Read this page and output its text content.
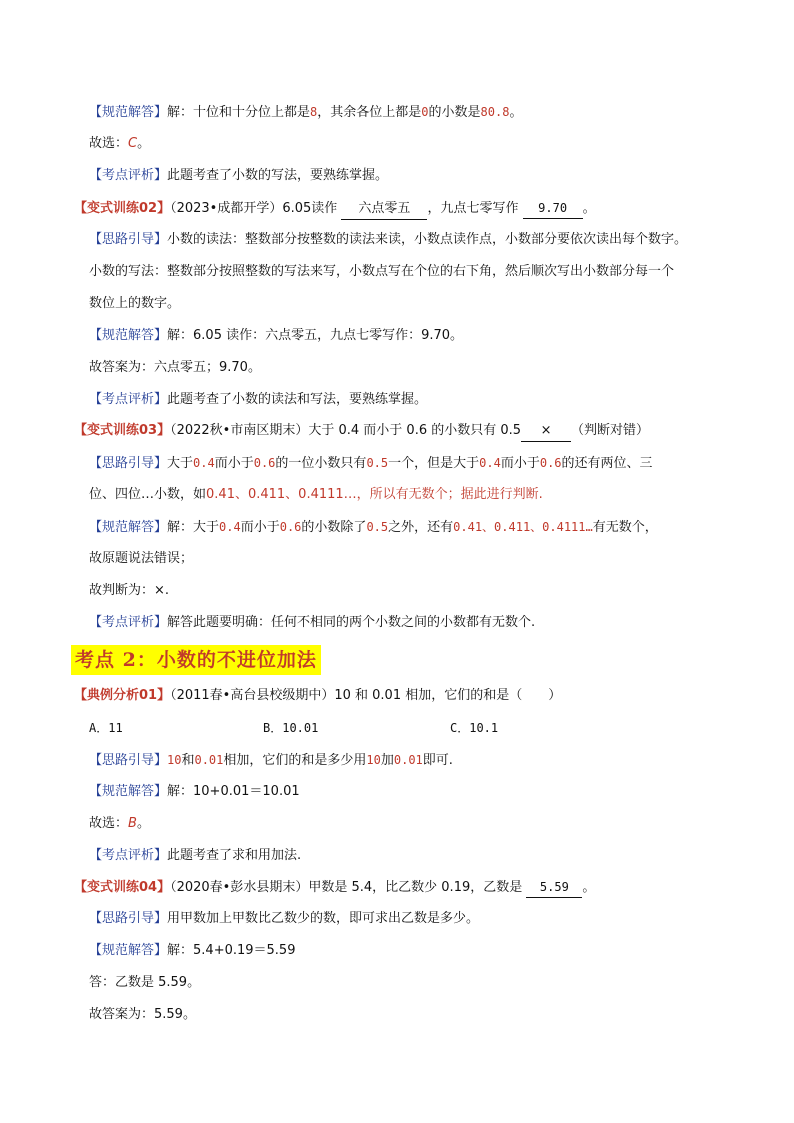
【规范解答】解：十位和十分位上都是8，其余各位上都是0的小数是80.8。
故选：C。
【考点评析】此题考查了小数的写法，要熟练掌握。
【变式训练02】（2023•成都开学）6.05读作 六点零五 ，九点七零写作 9.70 。
【思路引导】小数的读法：整数部分按整数的读法来读，小数点读作点，小数部分要依次读出每个数字。
小数的写法：整数部分按照整数的写法来写，小数点写在个位的右下角，然后顺次写出小数部分每一个
数位上的数字。
【规范解答】解：6.05 读作：六点零五，九点七零写作：9.70。
故答案为：六点零五；9.70。
【考点评析】此题考查了小数的读法和写法，要熟练掌握。
【变式训练03】（2022秋•市南区期末）大于 0.4 而小于 0.6 的小数只有 0.5 × （判断对错）
【思路引导】大于0.4而小于0.6的一位小数只有0.5一个，但是大于0.4而小于0.6的还有两位、三
位、四位…小数，如0.41、0.411、0.4111…，所以有无数个；据此进行判断.
【规范解答】解：大于0.4而小于0.6的小数除了0.5之外，还有0.41、0.411、0.4111…有无数个，
故原题说法错误；
故判断为：×.
【考点评析】解答此题要明确：任何不相同的两个小数之间的小数都有无数个.
考点 2：小数的不进位加法
【典例分析01】（2011春•高台县校级期中）10 和 0.01 相加，它们的和是（　　）
A．11	B．10.01	C．10.1
【思路引导】10和0.01相加，它们的和是多少用10加0.01即可.
【规范解答】解：10+0.01＝10.01
故选：B。
【考点评析】此题考查了求和用加法.
【变式训练04】（2020春•彭水县期末）甲数是 5.4，比乙数少 0.19，乙数是 5.59 。
【思路引导】用甲数加上甲数比乙数少的数，即可求出乙数是多少。
【规范解答】解：5.4+0.19＝5.59
答：乙数是 5.59。
故答案为：5.59。
